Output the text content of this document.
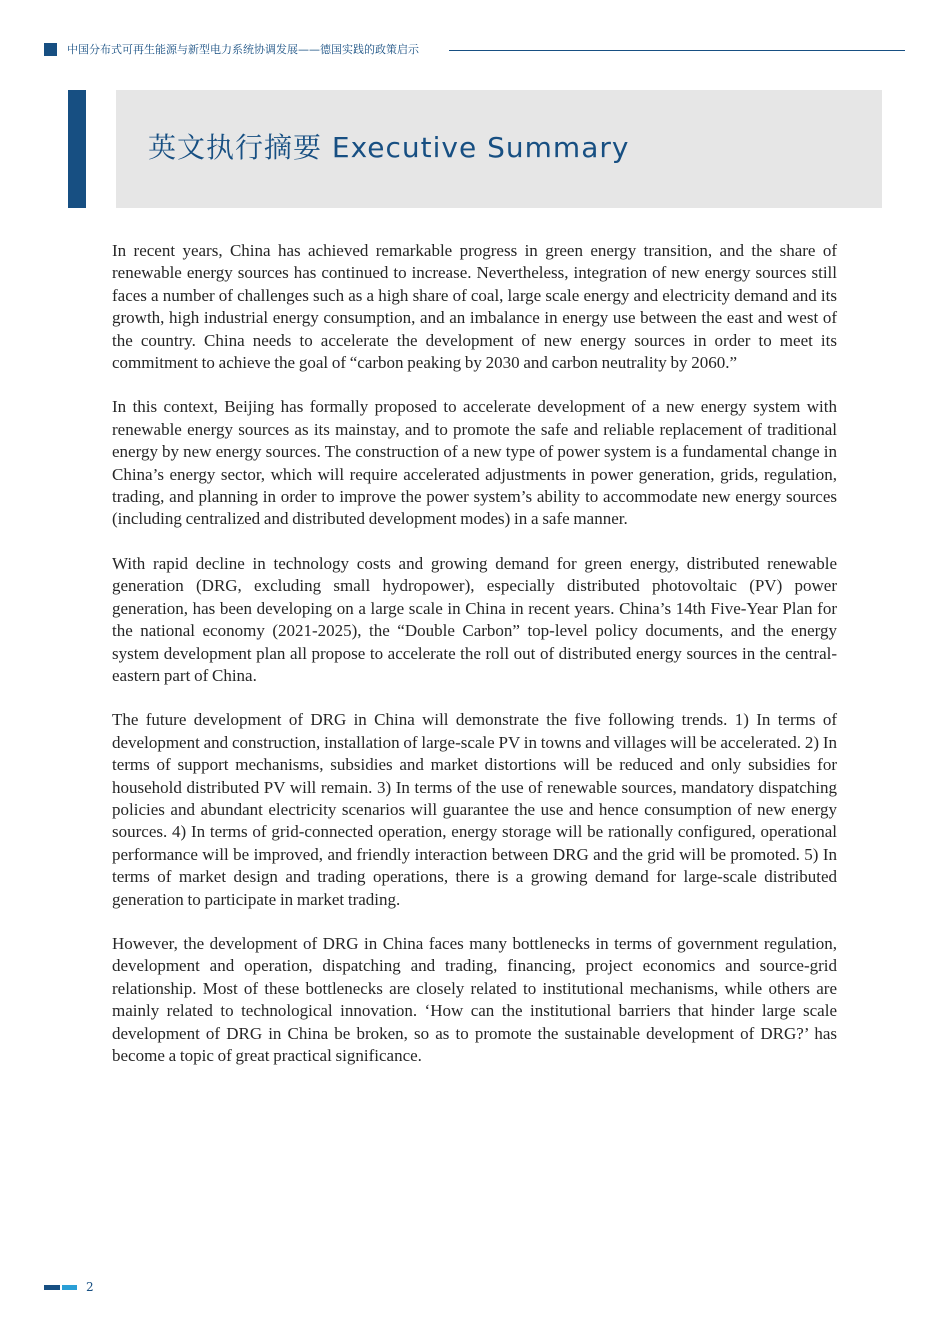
中国分布式可再生能源与新型电力系统协调发展——德国实践的政策启示
英文执行摘要 Executive Summary

In recent years, China has achieved remarkable progress in green energy transition, and the share of renewable energy sources has continued to increase. Nevertheless, integration of new energy sources still faces a number of challenges such as a high share of coal, large scale energy and electricity demand and its growth, high industrial energy consumption, and an imbalance in energy use between the east and west of the country. China needs to accelerate the development of new energy sources in order to meet its commitment to achieve the goal of “carbon peaking by 2030 and carbon neutrality by 2060.”

In this context, Beijing has formally proposed to accelerate development of a new energy system with renewable energy sources as its mainstay, and to promote the safe and reliable replacement of traditional energy by new energy sources. The construction of a new type of power system is a fundamental change in China’s energy sector, which will require accelerated adjustments in power generation, grids, regulation, trading, and planning in order to improve the power system’s ability to accommodate new energy sources (including centralized and distributed development modes) in a safe manner.

With rapid decline in technology costs and growing demand for green energy, distributed renewable generation (DRG, excluding small hydropower), especially distributed photovoltaic (PV) power generation, has been developing on a large scale in China in recent years. China’s 14th Five-Year Plan for the national economy (2021-2025), the “Double Carbon” top-level policy documents, and the energy system development plan all propose to accelerate the roll out of distributed energy sources in the central-eastern part of China.

The future development of DRG in China will demonstrate the five following trends. 1) In terms of development and construction, installation of large-scale PV in towns and villages will be accelerated. 2) In terms of support mechanisms, subsidies and market distortions will be reduced and only subsidies for household distributed PV will remain. 3) In terms of the use of renewable sources, mandatory dispatching policies and abundant electricity scenarios will guarantee the use and hence consumption of new energy sources. 4) In terms of grid-connected operation, energy storage will be rationally configured, operational performance will be improved, and friendly interaction between DRG and the grid will be promoted. 5) In terms of market design and trading operations, there is a growing demand for large-scale distributed generation to participate in market trading.

However, the development of DRG in China faces many bottlenecks in terms of government regulation, development and operation, dispatching and trading, financing, project economics and source-grid relationship. Most of these bottlenecks are closely related to institutional mechanisms, while others are mainly related to technological innovation. ‘How can the institutional barriers that hinder large scale development of DRG in China be broken, so as to promote the sustainable development of DRG?’ has become a topic of great practical significance.

2
